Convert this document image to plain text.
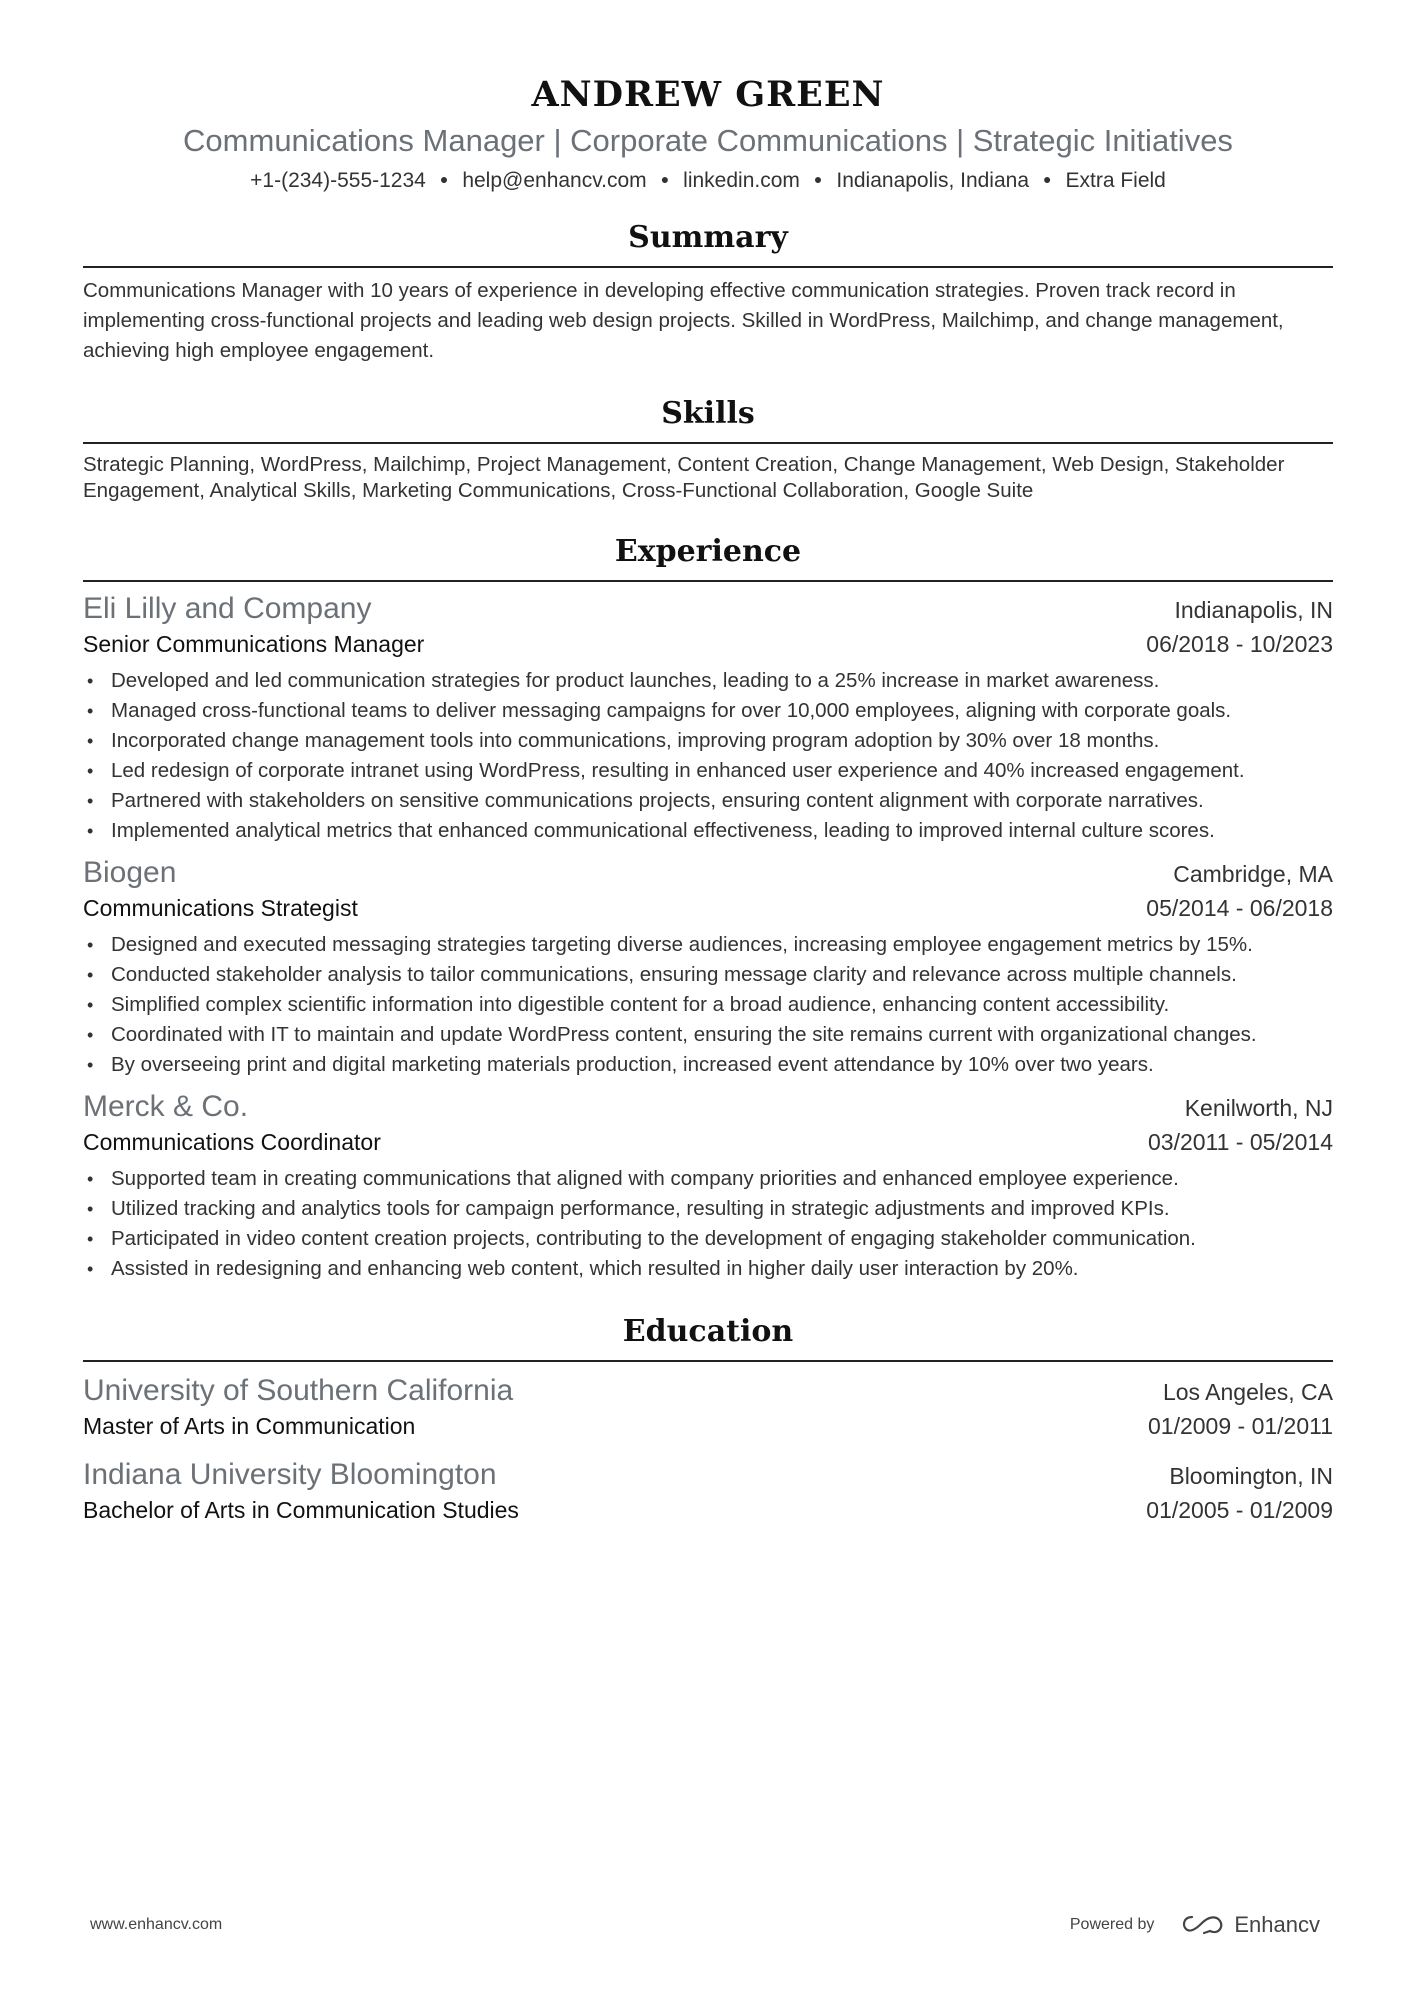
ANDREW GREEN
Communications Manager | Corporate Communications | Strategic Initiatives
+1-(234)-555-1234 ● help@enhancv.com ● linkedin.com ● Indianapolis, Indiana ● Extra Field
Summary

Communications Manager with 10 years of experience in developing effective communication strategies. Proven track record in implementing cross-functional projects and leading web design projects. Skilled in WordPress, Mailchimp, and change management, achieving high employee engagement.

Skills

Strategic Planning, WordPress, Mailchimp, Project Management, Content Creation, Change Management, Web Design, Stakeholder Engagement, Analytical Skills, Marketing Communications, Cross-Functional Collaboration, Google Suite

Experience
Eli Lilly and Company	Indianapolis, IN
Senior Communications Manager	06/2018 - 10/2023
• Developed and led communication strategies for product launches, leading to a 25% increase in market awareness.
• Managed cross-functional teams to deliver messaging campaigns for over 10,000 employees, aligning with corporate goals.
• Incorporated change management tools into communications, improving program adoption by 30% over 18 months.
• Led redesign of corporate intranet using WordPress, resulting in enhanced user experience and 40% increased engagement.
• Partnered with stakeholders on sensitive communications projects, ensuring content alignment with corporate narratives.
• Implemented analytical metrics that enhanced communicational effectiveness, leading to improved internal culture scores.
Biogen	Cambridge, MA
Communications Strategist	05/2014 - 06/2018
• Designed and executed messaging strategies targeting diverse audiences, increasing employee engagement metrics by 15%.
• Conducted stakeholder analysis to tailor communications, ensuring message clarity and relevance across multiple channels.
• Simplified complex scientific information into digestible content for a broad audience, enhancing content accessibility.
• Coordinated with IT to maintain and update WordPress content, ensuring the site remains current with organizational changes.
• By overseeing print and digital marketing materials production, increased event attendance by 10% over two years.
Merck & Co.	Kenilworth, NJ
Communications Coordinator	03/2011 - 05/2014
• Supported team in creating communications that aligned with company priorities and enhanced employee experience.
• Utilized tracking and analytics tools for campaign performance, resulting in strategic adjustments and improved KPIs.
• Participated in video content creation projects, contributing to the development of engaging stakeholder communication.
• Assisted in redesigning and enhancing web content, which resulted in higher daily user interaction by 20%.
Education
University of Southern California	Los Angeles, CA
Master of Arts in Communication	01/2009 - 01/2011
Indiana University Bloomington	Bloomington, IN
Bachelor of Arts in Communication Studies	01/2005 - 01/2009
www.enhancv.com	Powered by	Enhancv
